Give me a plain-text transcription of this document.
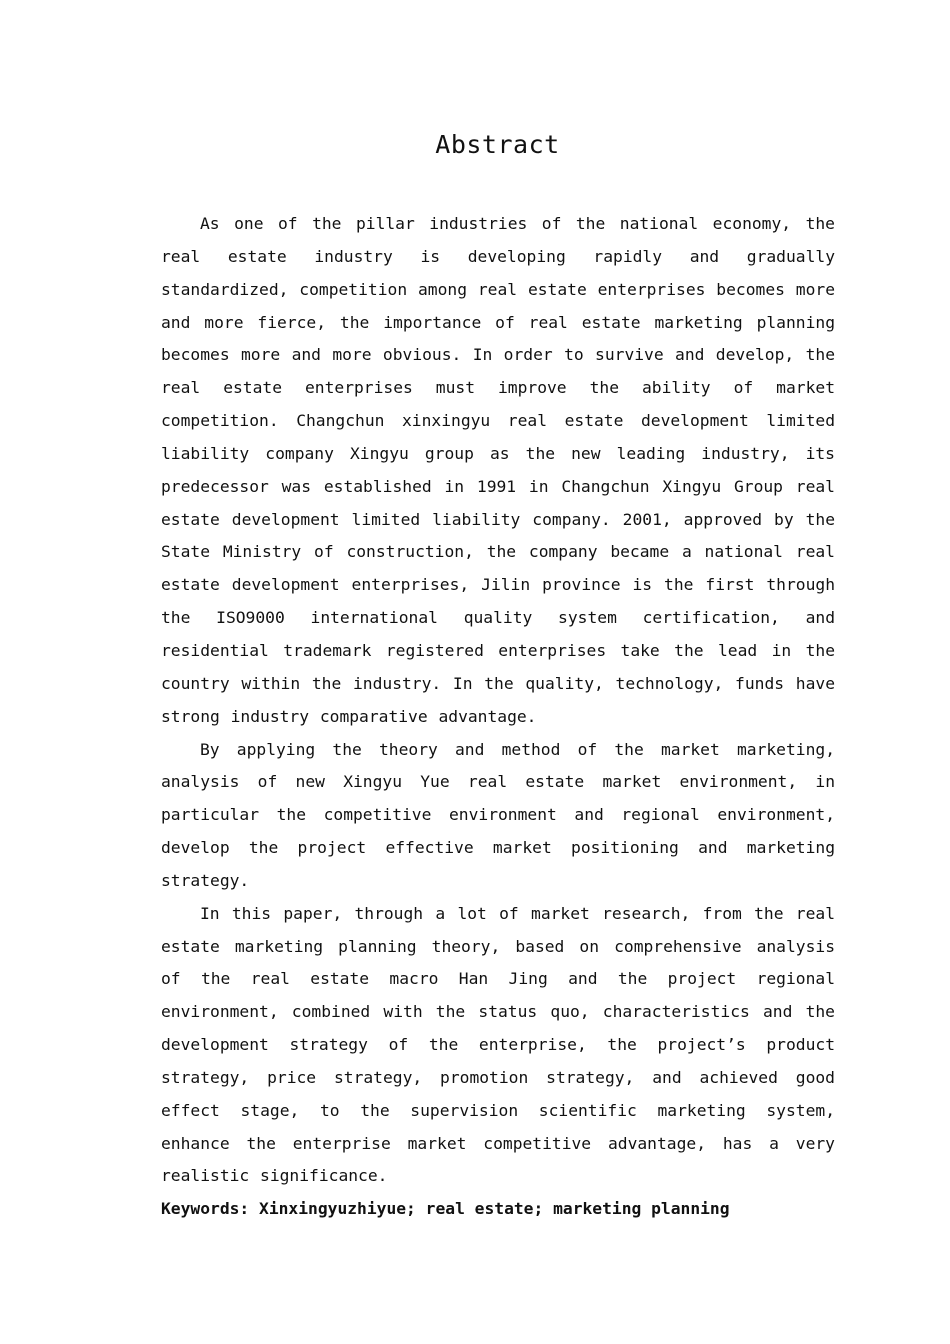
Abstract

As one of the pillar industries of the national economy, the real estate industry is developing rapidly and gradually standardized, competition among real estate enterprises becomes more and more fierce, the importance of real estate marketing planning becomes more and more obvious. In order to survive and develop, the real estate enterprises must improve the ability of market competition. Changchun xinxingyu real estate development limited liability company Xingyu group as the new leading industry, its predecessor was established in 1991 in Changchun Xingyu Group real estate development limited liability company. 2001, approved by the State Ministry of construction, the company became a national real estate development enterprises, Jilin province is the first through the ISO9000 international quality system certification, and residential trademark registered enterprises take the lead in the country within the industry. In the quality, technology, funds have strong industry comparative advantage.

By applying the theory and method of the market marketing, analysis of new Xingyu Yue real estate market environment, in particular the competitive environment and regional environment, develop the project effective market positioning and marketing strategy.

In this paper, through a lot of market research, from the real estate marketing planning theory, based on comprehensive analysis of the real estate macro Han Jing and the project regional environment, combined with the status quo, characteristics and the development strategy of the enterprise, the project’s product strategy, price strategy, promotion strategy, and achieved good effect stage, to the supervision scientific marketing system, enhance the enterprise market competitive advantage, has a very realistic significance.

Keywords: Xinxingyuzhiyue; real estate; marketing planning
